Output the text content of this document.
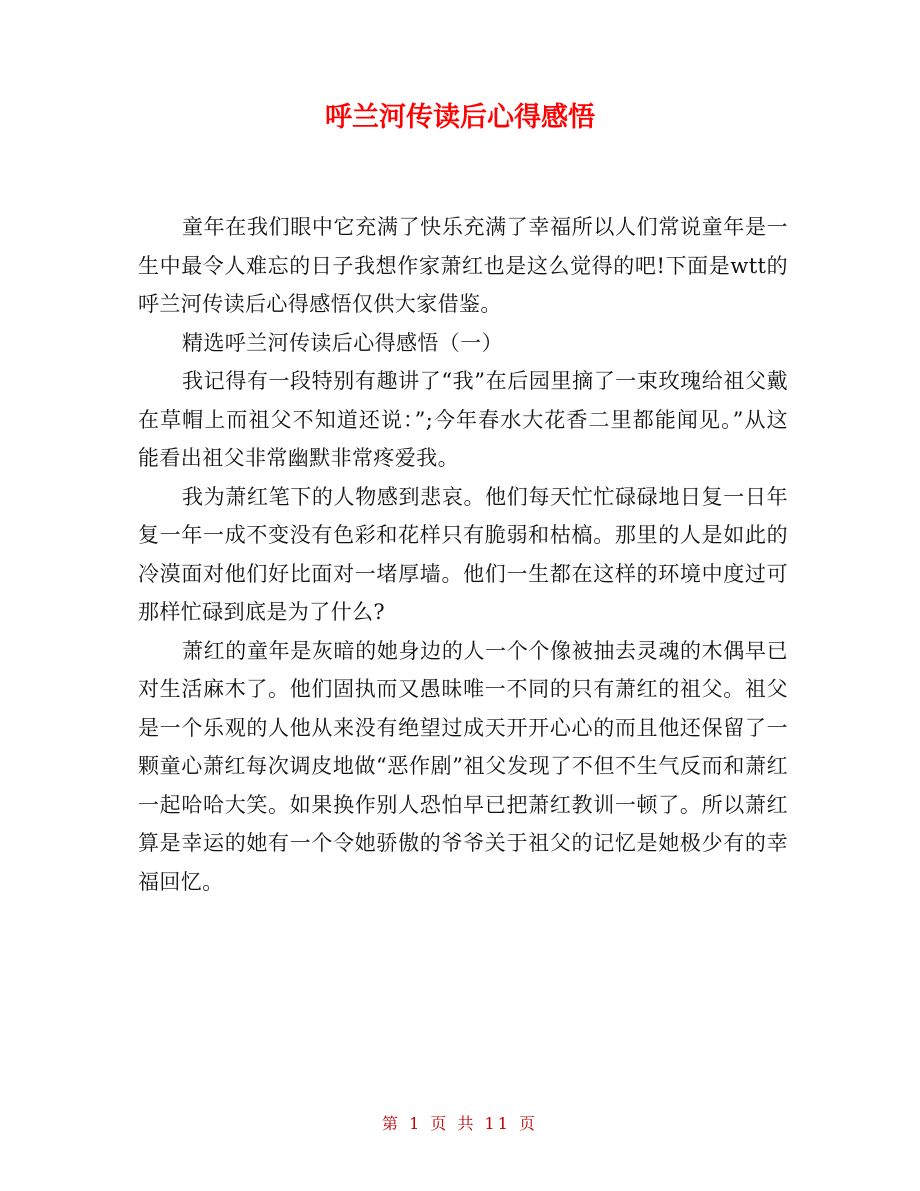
呼兰河传读后心得感悟

童年在我们眼中它充满了快乐充满了幸福所以人们常说童年是一生中最令人难忘的日子我想作家萧红也是这么觉得的吧!下面是wtt的呼兰河传读后心得感悟仅供大家借鉴。

精选呼兰河传读后心得感悟（一）

我记得有一段特别有趣讲了“我”在后园里摘了一束玫瑰给祖父戴在草帽上而祖父不知道还说：”;今年春水大花香二里都能闻见。”从这能看出祖父非常幽默非常疼爱我。

我为萧红笔下的人物感到悲哀。他们每天忙忙碌碌地日复一日年复一年一成不变没有色彩和花样只有脆弱和枯槁。那里的人是如此的冷漠面对他们好比面对一堵厚墙。他们一生都在这样的环境中度过可那样忙碌到底是为了什么?

萧红的童年是灰暗的她身边的人一个个像被抽去灵魂的木偶早已对生活麻木了。他们固执而又愚昧唯一不同的只有萧红的祖父。祖父是一个乐观的人他从来没有绝望过成天开开心心的而且他还保留了一颗童心萧红每次调皮地做“恶作剧”祖父发现了不但不生气反而和萧红一起哈哈大笑。如果换作别人恐怕早已把萧红教训一顿了。所以萧红算是幸运的她有一个令她骄傲的爷爷关于祖父的记忆是她极少有的幸福回忆。

第 1 页 共 11 页
